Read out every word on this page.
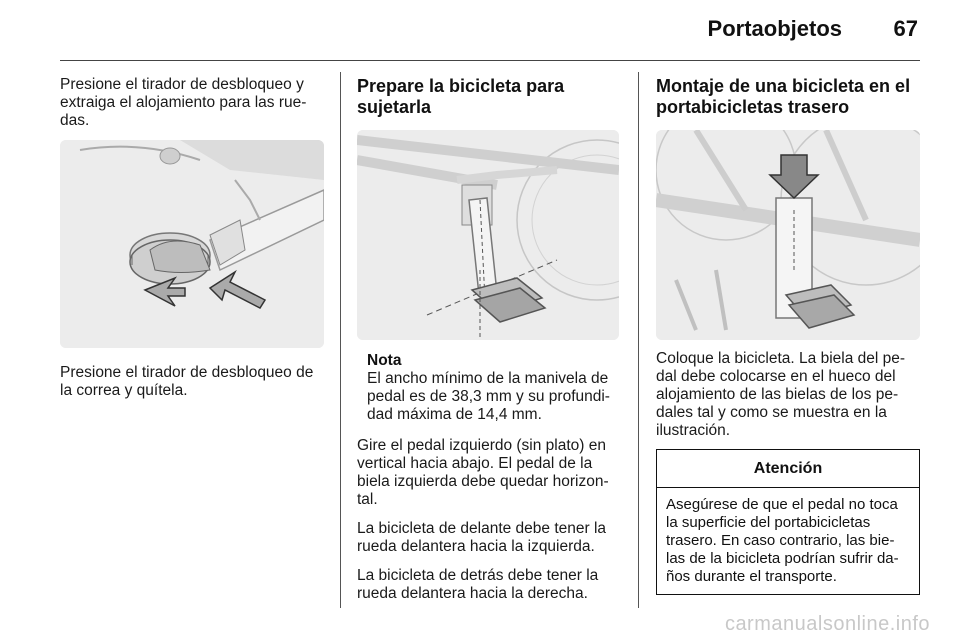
Portaobjetos 67

Presione el tirador de desbloqueo y extraiga el alojamiento para las rue-das.

Presione el tirador de desbloqueo de la correa y quítela.

Prepare la bicicleta para sujetarla
Nota

El ancho mínimo de la manivela de pedal es de 38,3 mm y su profundi-dad máxima de 14,4 mm.

Gire el pedal izquierdo (sin plato) en vertical hacia abajo. El pedal de la biela izquierda debe quedar horizon-tal.

La bicicleta de delante debe tener la rueda delantera hacia la izquierda.

La bicicleta de detrás debe tener la rueda delantera hacia la derecha.

Montaje de una bicicleta en el portabicicletas trasero

Coloque la bicicleta. La biela del pe-dal debe colocarse en el hueco del alojamiento de las bielas de los pe-dales tal y como se muestra en la ilustración.

Atención

Asegúrese de que el pedal no toca la superficie del portabicicletas trasero. En caso contrario, las bie-las de la bicicleta podrían sufrir da-ños durante el transporte.

carmanualsonline.info
